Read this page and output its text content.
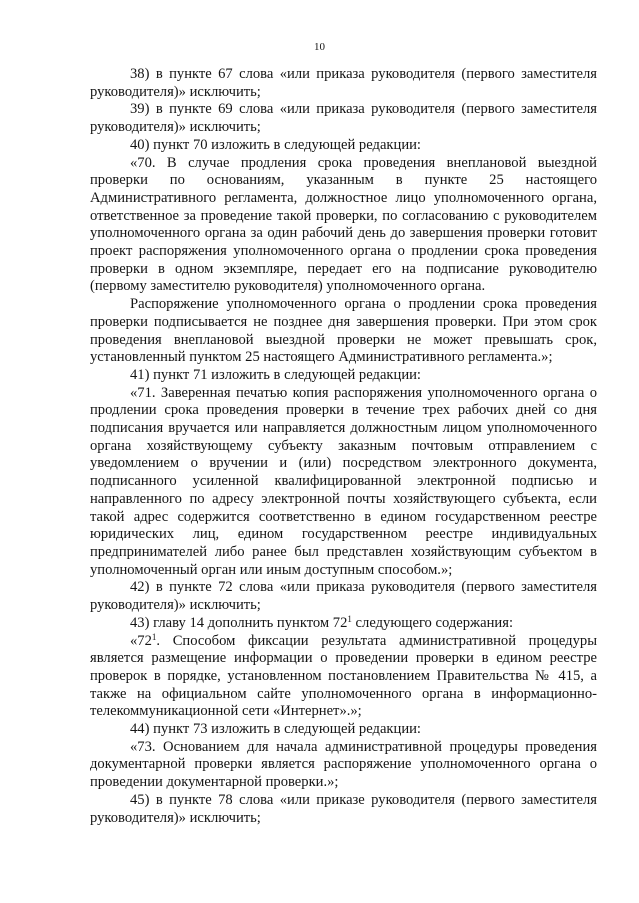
10

38) в пункте 67 слова «или приказа руководителя (первого заместителя руководителя)» исключить;

39) в пункте 69 слова «или приказа руководителя (первого заместителя руководителя)» исключить;

40) пункт 70 изложить в следующей редакции:

«70. В случае продления срока проведения внеплановой выездной проверки по основаниям, указанным в пункте 25 настоящего Административного регламента, должностное лицо уполномоченного органа, ответственное за проведение такой проверки, по согласованию с руководителем уполномоченного органа за один рабочий день до завершения проверки готовит проект распоряжения уполномоченного органа о продлении срока проведения проверки в одном экземпляре, передает его на подписание руководителю (первому заместителю руководителя) уполномоченного органа.

Распоряжение уполномоченного органа о продлении срока проведения проверки подписывается не позднее дня завершения проверки. При этом срок проведения внеплановой выездной проверки не может превышать срок, установленный пунктом 25 настоящего Административного регламента.»;

41) пункт 71 изложить в следующей редакции:

«71. Заверенная печатью копия распоряжения уполномоченного органа о продлении срока проведения проверки в течение трех рабочих дней со дня подписания вручается или направляется должностным лицом уполномоченного органа хозяйствующему субъекту заказным почтовым отправлением с уведомлением о вручении и (или) посредством электронного документа, подписанного усиленной квалифицированной электронной подписью и направленного по адресу электронной почты хозяйствующего субъекта, если такой адрес содержится соответственно в едином государственном реестре юридических лиц, едином государственном реестре индивидуальных предпринимателей либо ранее был представлен хозяйствующим субъектом в уполномоченный орган или иным доступным способом.»;

42) в пункте 72 слова «или приказа руководителя (первого заместителя руководителя)» исключить;

43) главу 14 дополнить пунктом $72^1$ следующего содержания:

«$72^1$. Способом фиксации результата административной процедуры является размещение информации о проведении проверки в едином реестре проверок в порядке, установленном постановлением Правительства № 415, а также на официальном сайте уполномоченного органа в информационно-телекоммуникационной сети «Интернет».»;

44) пункт 73 изложить в следующей редакции:

«73. Основанием для начала административной процедуры проведения документарной проверки является распоряжение уполномоченного органа о проведении документарной проверки.»;

45) в пункте 78 слова «или приказе руководителя (первого заместителя руководителя)» исключить;
